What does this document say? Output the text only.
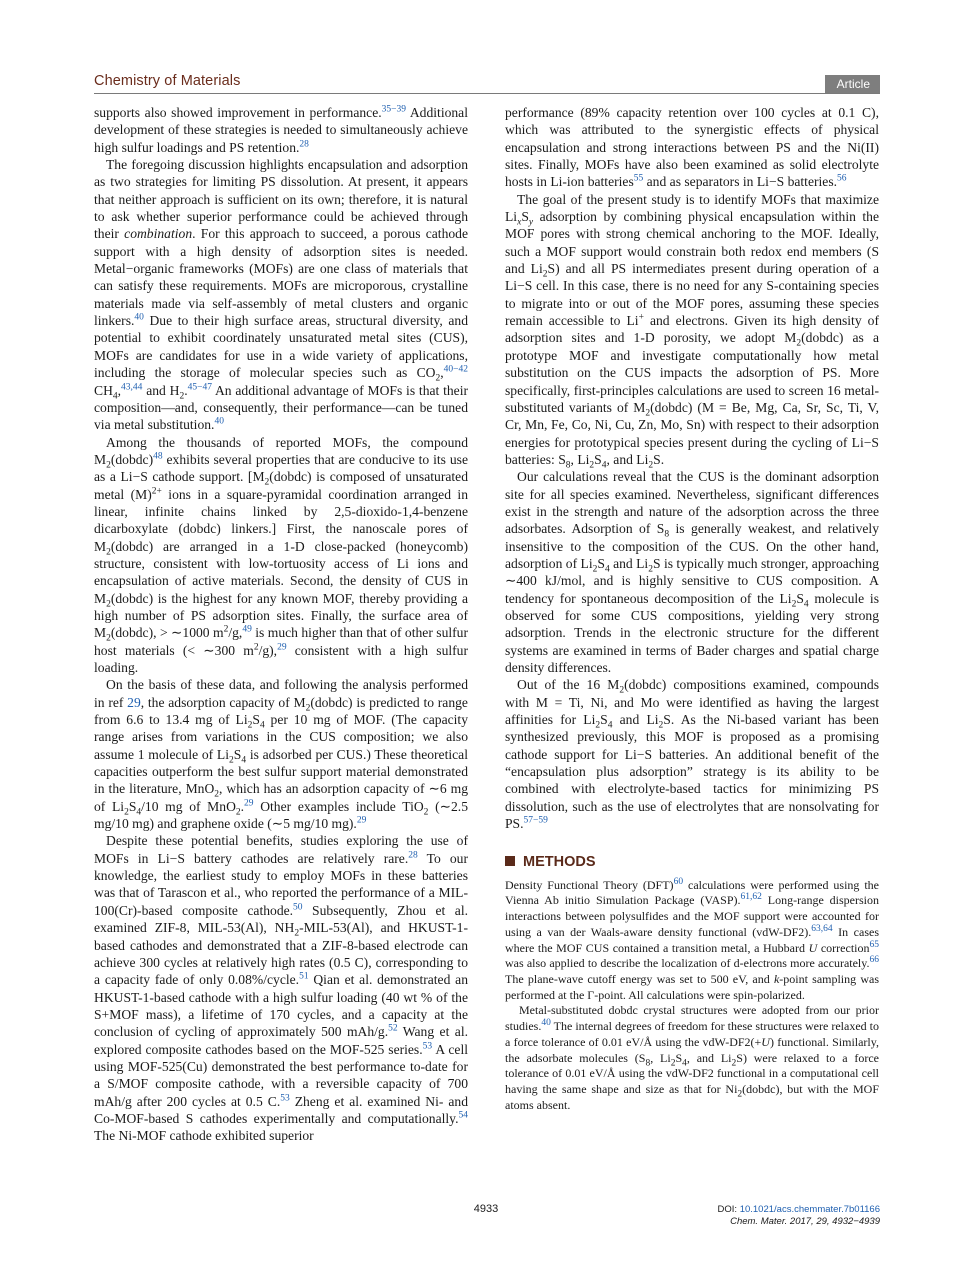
Chemistry of Materials	Article

supports also showed improvement in performance.$^{35-39}$ Additional development of these strategies is needed to simultaneously achieve high sulfur loadings and PS retention.$^{28}$

The foregoing discussion highlights encapsulation and adsorption as two strategies for limiting PS dissolution. At present, it appears that neither approach is sufficient on its own; therefore, it is natural to ask whether superior performance could be achieved through their combination. For this approach to succeed, a porous cathode support with a high density of adsorption sites is needed. Metal−organic frameworks (MOFs) are one class of materials that can satisfy these requirements. MOFs are microporous, crystalline materials made via self-assembly of metal clusters and organic linkers.$^{40}$ Due to their high surface areas, structural diversity, and potential to exhibit coordinately unsaturated metal sites (CUS), MOFs are candidates for use in a wide variety of applications, including the storage of molecular species such as $CO_2,^{40-42}$ $CH_4,^{43,44}$ and $H_2.^{45-47}$ An additional advantage of MOFs is that their composition—and, consequently, their performance—can be tuned via metal substitution.$^{40}$

Among the thousands of reported MOFs, the compound $M_2(dobdc)^{48}$ exhibits several properties that are conducive to its use as a Li−S cathode support. [$M_2(dobdc)$ is composed of unsaturated metal $(M)^{2+}$ ions in a square-pyramidal coordination arranged in linear, infinite chains linked by 2,5-dioxido-1,4-benzene dicarboxylate (dobdc) linkers.] First, the nanoscale pores of $M_2(dobdc)$ are arranged in a 1-D close-packed (honeycomb) structure, consistent with low-tortuosity access of Li ions and encapsulation of active materials. Second, the density of CUS in $M_2(dobdc)$ is the highest for any known MOF, thereby providing a high number of PS adsorption sites. Finally, the surface area of $M_2(dobdc)$, > ∼1000 $m^2/g,^{49}$ is much higher than that of other sulfur host materials (< ∼300 $m^2/g),^{29}$ consistent with a high sulfur loading.

On the basis of these data, and following the analysis performed in ref 29, the adsorption capacity of $M_2(dobdc)$ is predicted to range from 6.6 to 13.4 mg of $Li_2S_4$ per 10 mg of MOF. (The capacity range arises from variations in the CUS composition; we also assume 1 molecule of $Li_2S_4$ is adsorbed per CUS.) These theoretical capacities outperform the best sulfur support material demonstrated in the literature, MnO$_2$, which has an adsorption capacity of ∼6 mg of $Li_2S_4/10$ mg of MnO$_2$.$^{29}$ Other examples include TiO$_2$ (∼2.5 mg/10 mg) and graphene oxide (∼5 mg/10 mg).$^{29}$

Despite these potential benefits, studies exploring the use of MOFs in Li−S battery cathodes are relatively rare.$^{28}$ To our knowledge, the earliest study to employ MOFs in these batteries was that of Tarascon et al., who reported the performance of a MIL-100(Cr)-based composite cathode.$^{50}$ Subsequently, Zhou et al. examined ZIF-8, MIL-53(Al), $NH_2-MIL-53(Al)$, and HKUST-1-based cathodes and demonstrated that a ZIF-8-based electrode can achieve 300 cycles at relatively high rates (0.5 C), corresponding to a capacity fade of only 0.08%/cycle.$^{51}$ Qian et al. demonstrated an HKUST-1-based cathode with a high sulfur loading (40 wt % of the S+MOF mass), a lifetime of 170 cycles, and a capacity at the conclusion of cycling of approximately 500 mAh/g.$^{52}$ Wang et al. explored composite cathodes based on the MOF-525 series.$^{53}$ A cell using MOF-525(Cu) demonstrated the best performance to-date for a S/MOF composite cathode, with a reversible capacity of 700 mAh/g after 200 cycles at 0.5 C.$^{53}$ Zheng et al. examined Ni- and Co-MOF-based S cathodes experimentally and computationally.$^{54}$ The Ni-MOF cathode exhibited superior

performance (89% capacity retention over 100 cycles at 0.1 C), which was attributed to the synergistic effects of physical encapsulation and strong interactions between PS and the Ni(II) sites. Finally, MOFs have also been examined as solid electrolyte hosts in Li-ion batteries$^{55}$ and as separators in Li−S batteries.$^{56}$

The goal of the present study is to identify MOFs that maximize $Li_xS_y$ adsorption by combining physical encapsulation within the MOF pores with strong chemical anchoring to the MOF. Ideally, such a MOF support would constrain both redox end members (S and $Li_2S$) and all PS intermediates present during operation of a Li−S cell. In this case, there is no need for any S-containing species to migrate into or out of the MOF pores, assuming these species remain accessible to Li+ and electrons. Given its high density of adsorption sites and 1-D porosity, we adopt $M_2(dobdc)$ as a prototype MOF and investigate computationally how metal substitution on the CUS impacts the adsorption of PS. More specifically, first-principles calculations are used to screen 16 metal-substituted variants of $M_2(dobdc) (M = Be$, Mg, Ca, Sr, Sc, Ti, V, Cr, Mn, Fe, Co, Ni, Cu, Zn, Mo, Sn) with respect to their adsorption energies for prototypical species present during the cycling of Li−S batteries: $S_8$, $Li_2S_4$, and $Li_2S$.

Our calculations reveal that the CUS is the dominant adsorption site for all species examined. Nevertheless, significant differences exist in the strength and nature of the adsorption across the three adsorbates. Adsorption of $S_8$ is generally weakest, and relatively insensitive to the composition of the CUS. On the other hand, adsorption of $Li_2S_4$ and $Li_2S$ is typically much stronger, approaching ∼400 kJ/mol, and is highly sensitive to CUS composition. A tendency for spontaneous decomposition of the $Li_2S_4$ molecule is observed for some CUS compositions, yielding very strong adsorption. Trends in the electronic structure for the different systems are examined in terms of Bader charges and spatial charge density differences.

Out of the 16 $M_2(dobdc)$ compositions examined, compounds with M = Ti, Ni, and Mo were identified as having the largest affinities for $Li_2S_4$ and $Li_2S$. As the Ni-based variant has been synthesized previously, this MOF is proposed as a promising cathode support for Li−S batteries. An additional benefit of the “encapsulation plus adsorption” strategy is its ability to be combined with electrolyte-based tactics for minimizing PS dissolution, such as the use of electrolytes that are nonsolvating for PS.$^{57-59}$

METHODS

Density Functional Theory (DFT)$^{60}$ calculations were performed using the Vienna Ab initio Simulation Package (VASP).$^{61,62}$ Long-range dispersion interactions between polysulfides and the MOF support were accounted for using a van der Waals-aware density functional (vdW-DF2).$^{63,64}$ In cases where the MOF CUS contained a transition metal, a Hubbard U correction$^{65}$ was also applied to describe the localization of d-electrons more accurately.$^{66}$ The plane-wave cutoff energy was set to 500 eV, and k-point sampling was performed at the Γ-point. All calculations were spin-polarized.

Metal-substituted dobdc crystal structures were adopted from our prior studies.$^{40}$ The internal degrees of freedom for these structures were relaxed to a force tolerance of 0.01 eV/Å using the vdW-DF2(+U) functional. Similarly, the adsorbate molecules ($S_8$, $Li_2S_4$, and $Li_2S$) were relaxed to a force tolerance of 0.01 eV/Å using the vdW-DF2 functional in a computational cell having the same shape and size as that for $Ni_2(dobdc)$, but with the MOF atoms absent.

4933	DOI: 10.1021/acs.chemmater.7b01166
Chem. Mater. 2017, 29, 4932−4939
